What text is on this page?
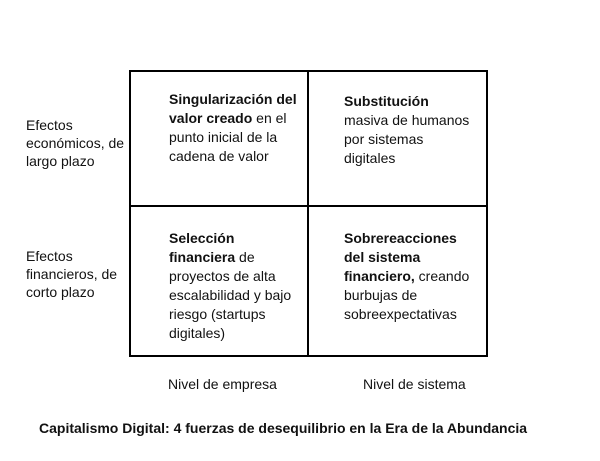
Efectos económicos, de largo plazo
Efectos financieros, de corto plazo
Singularización del valor creado en el punto inicial de la cadena de valor
Substitución masiva de humanos por sistemas digitales
Selección financiera de proyectos de alta escalabilidad y bajo riesgo (startups digitales)
Sobrereacciones del sistema financiero, creando burbujas de sobreexpectativas
Nivel de empresa	Nivel de sistema
Capitalismo Digital: 4 fuerzas de desequilibrio en la Era de la Abundancia
